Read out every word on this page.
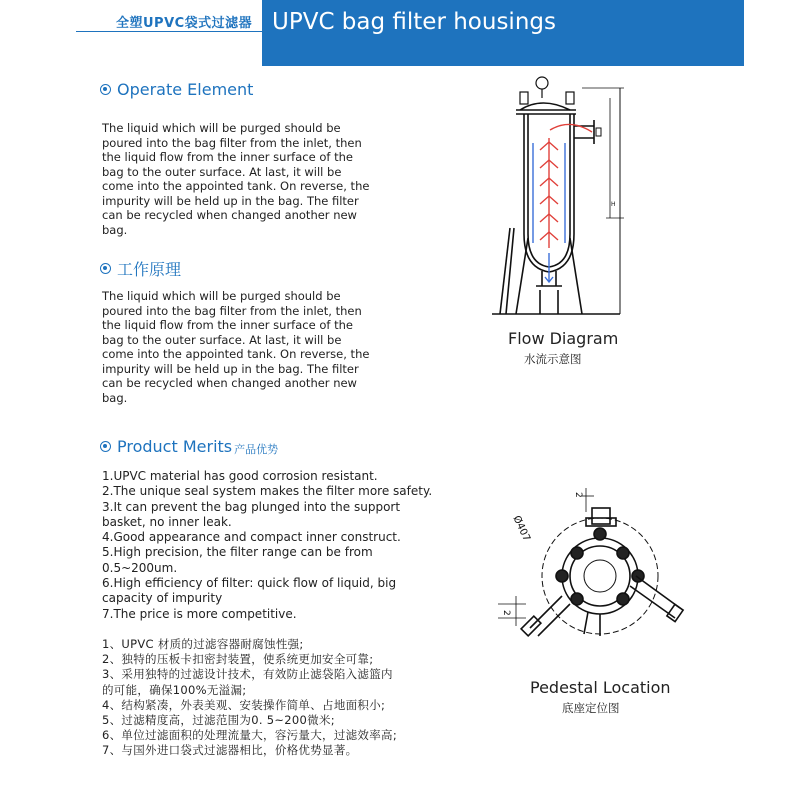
全塑UPVC袋式过滤器 UPVC bag filter housings
Operate Element
The liquid which will be purged should be
poured into the bag filter from the inlet, then
the liquid flow from the inner surface of the
bag to the outer surface. At last, it will be
come into the appointed tank. On reverse, the
impurity will be held up in the bag. The filter
can be recycled when changed another new
bag.
工作原理
The liquid which will be purged should be
poured into the bag filter from the inlet, then
the liquid flow from the inner surface of the
bag to the outer surface. At last, it will be
come into the appointed tank. On reverse, the
impurity will be held up in the bag. The filter
can be recycled when changed another new
bag.
Product Merits 产品优势
1.UPVC material has good corrosion resistant.
2.The unique seal system makes the filter more safety.
3.It can prevent the bag plunged into the support
basket, no inner leak.
4.Good appearance and compact inner construct.
5.High precision, the filter range can be from
0.5~200um.
6.High efficiency of filter: quick flow of liquid, big
capacity of impurity
7.The price is more competitive.
1、UPVC 材质的过滤容器耐腐蚀性强;
2、独特的压板卡扣密封装置，使系统更加安全可靠;
3、采用独特的过滤设计技术，有效防止滤袋陷入滤篮内
的可能，确保100%无溢漏;
4、结构紧凑，外表美观、安装操作简单、占地面积小;
5、过滤精度高，过滤范围为0. 5~200微米;
6、单位过滤面积的处理流量大，容污量大，过滤效率高;
7、与国外进口袋式过滤器相比，价格优势显著。
H
Flow Diagram
水流示意图
2
2
Ø407
Pedestal Location
底座定位图
